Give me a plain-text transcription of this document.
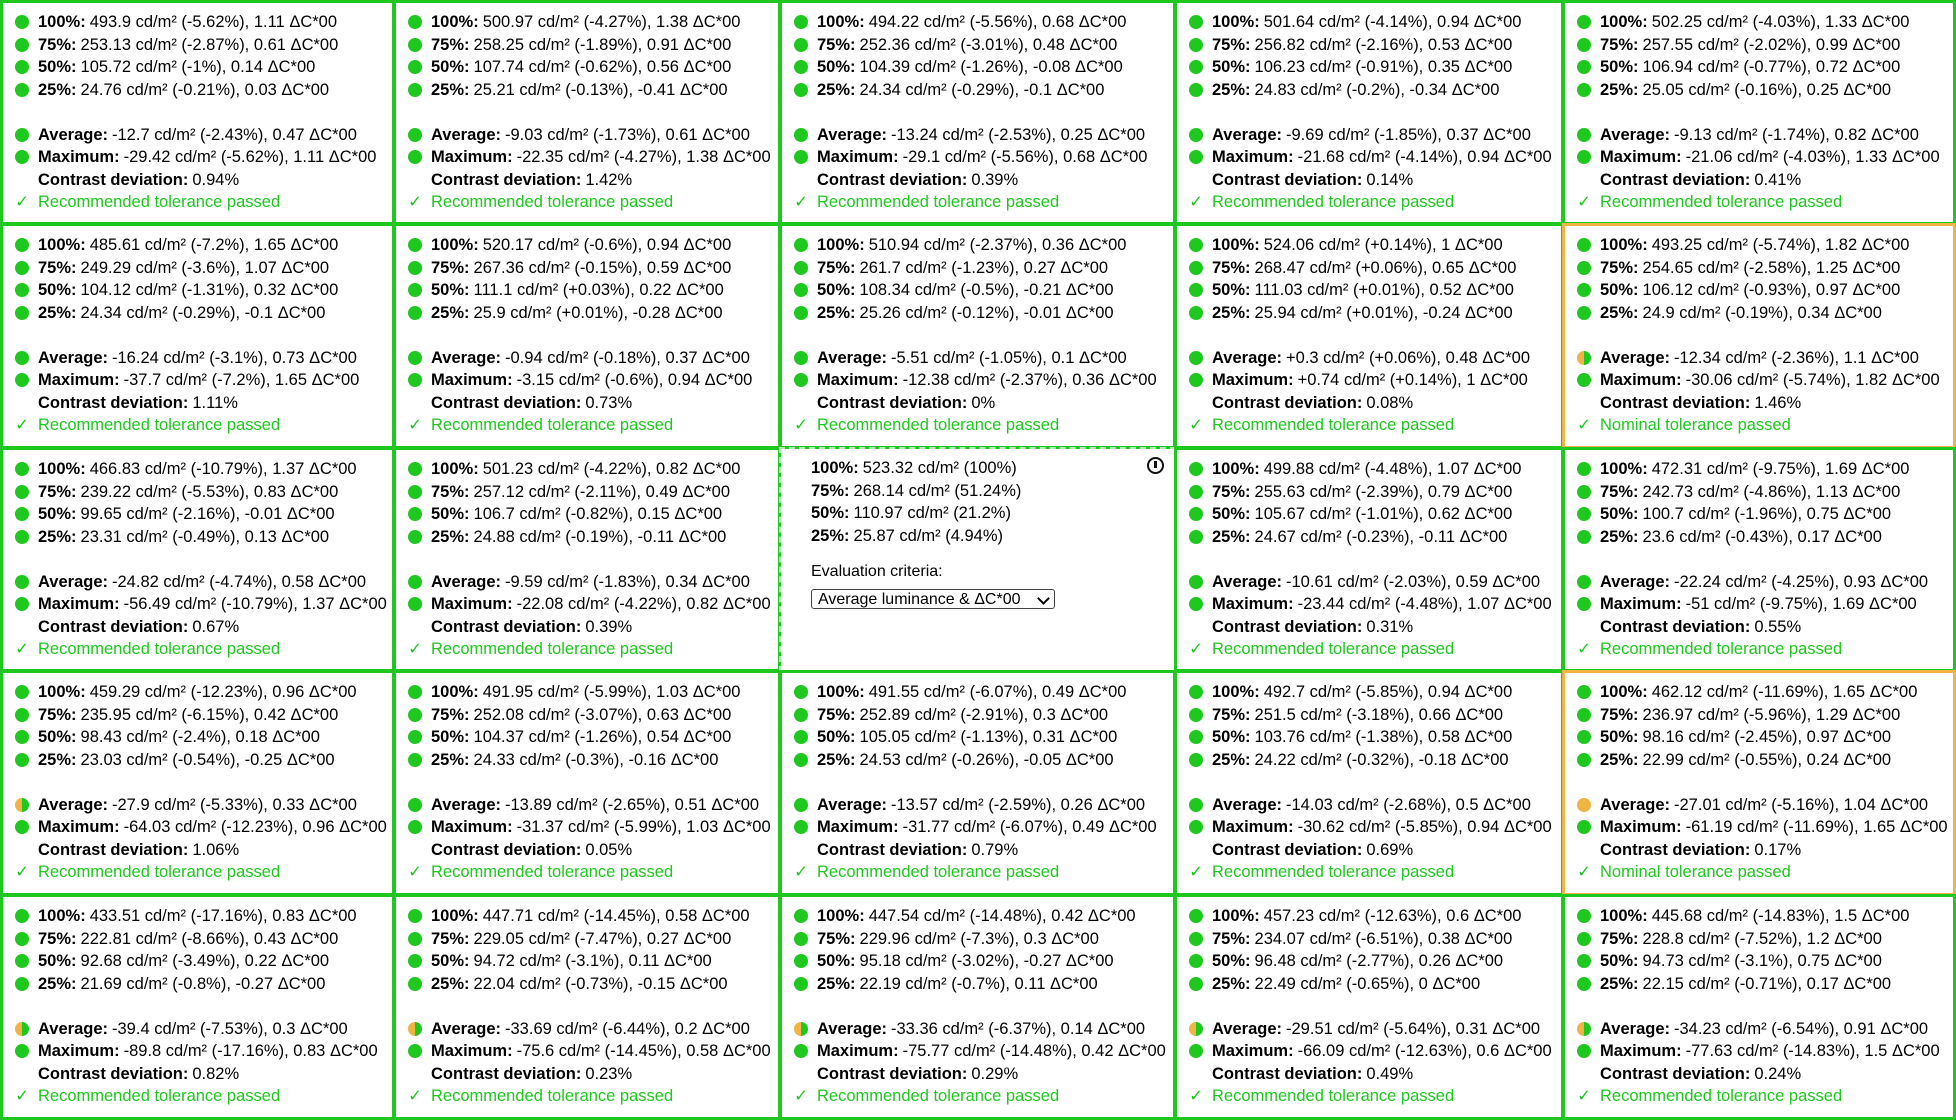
100%: 493.9 cd/m² (-5.62%), 1.11 ΔC*00
75%: 253.13 cd/m² (-2.87%), 0.61 ΔC*00
50%: 105.72 cd/m² (-1%), 0.14 ΔC*00
25%: 24.76 cd/m² (-0.21%), 0.03 ΔC*00
Average: -12.7 cd/m² (-2.43%), 0.47 ΔC*00
Maximum: -29.42 cd/m² (-5.62%), 1.11 ΔC*00
Contrast deviation: 0.94%
✓ Recommended tolerance passed
100%: 500.97 cd/m² (-4.27%), 1.38 ΔC*00
75%: 258.25 cd/m² (-1.89%), 0.91 ΔC*00
50%: 107.74 cd/m² (-0.62%), 0.56 ΔC*00
25%: 25.21 cd/m² (-0.13%), -0.41 ΔC*00
Average: -9.03 cd/m² (-1.73%), 0.61 ΔC*00
Maximum: -22.35 cd/m² (-4.27%), 1.38 ΔC*00
Contrast deviation: 1.42%
✓ Recommended tolerance passed
100%: 494.22 cd/m² (-5.56%), 0.68 ΔC*00
75%: 252.36 cd/m² (-3.01%), 0.48 ΔC*00
50%: 104.39 cd/m² (-1.26%), -0.08 ΔC*00
25%: 24.34 cd/m² (-0.29%), -0.1 ΔC*00
Average: -13.24 cd/m² (-2.53%), 0.25 ΔC*00
Maximum: -29.1 cd/m² (-5.56%), 0.68 ΔC*00
Contrast deviation: 0.39%
✓ Recommended tolerance passed
100%: 501.64 cd/m² (-4.14%), 0.94 ΔC*00
75%: 256.82 cd/m² (-2.16%), 0.53 ΔC*00
50%: 106.23 cd/m² (-0.91%), 0.35 ΔC*00
25%: 24.83 cd/m² (-0.2%), -0.34 ΔC*00
Average: -9.69 cd/m² (-1.85%), 0.37 ΔC*00
Maximum: -21.68 cd/m² (-4.14%), 0.94 ΔC*00
Contrast deviation: 0.14%
✓ Recommended tolerance passed
100%: 502.25 cd/m² (-4.03%), 1.33 ΔC*00
75%: 257.55 cd/m² (-2.02%), 0.99 ΔC*00
50%: 106.94 cd/m² (-0.77%), 0.72 ΔC*00
25%: 25.05 cd/m² (-0.16%), 0.25 ΔC*00
Average: -9.13 cd/m² (-1.74%), 0.82 ΔC*00
Maximum: -21.06 cd/m² (-4.03%), 1.33 ΔC*00
Contrast deviation: 0.41%
✓ Recommended tolerance passed
100%: 485.61 cd/m² (-7.2%), 1.65 ΔC*00
75%: 249.29 cd/m² (-3.6%), 1.07 ΔC*00
50%: 104.12 cd/m² (-1.31%), 0.32 ΔC*00
25%: 24.34 cd/m² (-0.29%), -0.1 ΔC*00
Average: -16.24 cd/m² (-3.1%), 0.73 ΔC*00
Maximum: -37.7 cd/m² (-7.2%), 1.65 ΔC*00
Contrast deviation: 1.11%
✓ Recommended tolerance passed
100%: 520.17 cd/m² (-0.6%), 0.94 ΔC*00
75%: 267.36 cd/m² (-0.15%), 0.59 ΔC*00
50%: 111.1 cd/m² (+0.03%), 0.22 ΔC*00
25%: 25.9 cd/m² (+0.01%), -0.28 ΔC*00
Average: -0.94 cd/m² (-0.18%), 0.37 ΔC*00
Maximum: -3.15 cd/m² (-0.6%), 0.94 ΔC*00
Contrast deviation: 0.73%
✓ Recommended tolerance passed
100%: 510.94 cd/m² (-2.37%), 0.36 ΔC*00
75%: 261.7 cd/m² (-1.23%), 0.27 ΔC*00
50%: 108.34 cd/m² (-0.5%), -0.21 ΔC*00
25%: 25.26 cd/m² (-0.12%), -0.01 ΔC*00
Average: -5.51 cd/m² (-1.05%), 0.1 ΔC*00
Maximum: -12.38 cd/m² (-2.37%), 0.36 ΔC*00
Contrast deviation: 0%
✓ Recommended tolerance passed
100%: 524.06 cd/m² (+0.14%), 1 ΔC*00
75%: 268.47 cd/m² (+0.06%), 0.65 ΔC*00
50%: 111.03 cd/m² (+0.01%), 0.52 ΔC*00
25%: 25.94 cd/m² (+0.01%), -0.24 ΔC*00
Average: +0.3 cd/m² (+0.06%), 0.48 ΔC*00
Maximum: +0.74 cd/m² (+0.14%), 1 ΔC*00
Contrast deviation: 0.08%
✓ Recommended tolerance passed
100%: 493.25 cd/m² (-5.74%), 1.82 ΔC*00
75%: 254.65 cd/m² (-2.58%), 1.25 ΔC*00
50%: 106.12 cd/m² (-0.93%), 0.97 ΔC*00
25%: 24.9 cd/m² (-0.19%), 0.34 ΔC*00
Average: -12.34 cd/m² (-2.36%), 1.1 ΔC*00
Maximum: -30.06 cd/m² (-5.74%), 1.82 ΔC*00
Contrast deviation: 1.46%
✓ Nominal tolerance passed
100%: 466.83 cd/m² (-10.79%), 1.37 ΔC*00
75%: 239.22 cd/m² (-5.53%), 0.83 ΔC*00
50%: 99.65 cd/m² (-2.16%), -0.01 ΔC*00
25%: 23.31 cd/m² (-0.49%), 0.13 ΔC*00
Average: -24.82 cd/m² (-4.74%), 0.58 ΔC*00
Maximum: -56.49 cd/m² (-10.79%), 1.37 ΔC*00
Contrast deviation: 0.67%
✓ Recommended tolerance passed
100%: 501.23 cd/m² (-4.22%), 0.82 ΔC*00
75%: 257.12 cd/m² (-2.11%), 0.49 ΔC*00
50%: 106.7 cd/m² (-0.82%), 0.15 ΔC*00
25%: 24.88 cd/m² (-0.19%), -0.11 ΔC*00
Average: -9.59 cd/m² (-1.83%), 0.34 ΔC*00
Maximum: -22.08 cd/m² (-4.22%), 0.82 ΔC*00
Contrast deviation: 0.39%
✓ Recommended tolerance passed
100%: 523.32 cd/m² (100%)
75%: 268.14 cd/m² (51.24%)
50%: 110.97 cd/m² (21.2%)
25%: 25.87 cd/m² (4.94%)
Evaluation criteria:
Average luminance & ΔC*00
100%: 499.88 cd/m² (-4.48%), 1.07 ΔC*00
75%: 255.63 cd/m² (-2.39%), 0.79 ΔC*00
50%: 105.67 cd/m² (-1.01%), 0.62 ΔC*00
25%: 24.67 cd/m² (-0.23%), -0.11 ΔC*00
Average: -10.61 cd/m² (-2.03%), 0.59 ΔC*00
Maximum: -23.44 cd/m² (-4.48%), 1.07 ΔC*00
Contrast deviation: 0.31%
✓ Recommended tolerance passed
100%: 472.31 cd/m² (-9.75%), 1.69 ΔC*00
75%: 242.73 cd/m² (-4.86%), 1.13 ΔC*00
50%: 100.7 cd/m² (-1.96%), 0.75 ΔC*00
25%: 23.6 cd/m² (-0.43%), 0.17 ΔC*00
Average: -22.24 cd/m² (-4.25%), 0.93 ΔC*00
Maximum: -51 cd/m² (-9.75%), 1.69 ΔC*00
Contrast deviation: 0.55%
✓ Recommended tolerance passed
100%: 459.29 cd/m² (-12.23%), 0.96 ΔC*00
75%: 235.95 cd/m² (-6.15%), 0.42 ΔC*00
50%: 98.43 cd/m² (-2.4%), 0.18 ΔC*00
25%: 23.03 cd/m² (-0.54%), -0.25 ΔC*00
Average: -27.9 cd/m² (-5.33%), 0.33 ΔC*00
Maximum: -64.03 cd/m² (-12.23%), 0.96 ΔC*00
Contrast deviation: 1.06%
✓ Recommended tolerance passed
100%: 491.95 cd/m² (-5.99%), 1.03 ΔC*00
75%: 252.08 cd/m² (-3.07%), 0.63 ΔC*00
50%: 104.37 cd/m² (-1.26%), 0.54 ΔC*00
25%: 24.33 cd/m² (-0.3%), -0.16 ΔC*00
Average: -13.89 cd/m² (-2.65%), 0.51 ΔC*00
Maximum: -31.37 cd/m² (-5.99%), 1.03 ΔC*00
Contrast deviation: 0.05%
✓ Recommended tolerance passed
100%: 491.55 cd/m² (-6.07%), 0.49 ΔC*00
75%: 252.89 cd/m² (-2.91%), 0.3 ΔC*00
50%: 105.05 cd/m² (-1.13%), 0.31 ΔC*00
25%: 24.53 cd/m² (-0.26%), -0.05 ΔC*00
Average: -13.57 cd/m² (-2.59%), 0.26 ΔC*00
Maximum: -31.77 cd/m² (-6.07%), 0.49 ΔC*00
Contrast deviation: 0.79%
✓ Recommended tolerance passed
100%: 492.7 cd/m² (-5.85%), 0.94 ΔC*00
75%: 251.5 cd/m² (-3.18%), 0.66 ΔC*00
50%: 103.76 cd/m² (-1.38%), 0.58 ΔC*00
25%: 24.22 cd/m² (-0.32%), -0.18 ΔC*00
Average: -14.03 cd/m² (-2.68%), 0.5 ΔC*00
Maximum: -30.62 cd/m² (-5.85%), 0.94 ΔC*00
Contrast deviation: 0.69%
✓ Recommended tolerance passed
100%: 462.12 cd/m² (-11.69%), 1.65 ΔC*00
75%: 236.97 cd/m² (-5.96%), 1.29 ΔC*00
50%: 98.16 cd/m² (-2.45%), 0.97 ΔC*00
25%: 22.99 cd/m² (-0.55%), 0.24 ΔC*00
Average: -27.01 cd/m² (-5.16%), 1.04 ΔC*00
Maximum: -61.19 cd/m² (-11.69%), 1.65 ΔC*00
Contrast deviation: 0.17%
✓ Nominal tolerance passed
100%: 433.51 cd/m² (-17.16%), 0.83 ΔC*00
75%: 222.81 cd/m² (-8.66%), 0.43 ΔC*00
50%: 92.68 cd/m² (-3.49%), 0.22 ΔC*00
25%: 21.69 cd/m² (-0.8%), -0.27 ΔC*00
Average: -39.4 cd/m² (-7.53%), 0.3 ΔC*00
Maximum: -89.8 cd/m² (-17.16%), 0.83 ΔC*00
Contrast deviation: 0.82%
✓ Recommended tolerance passed
100%: 447.71 cd/m² (-14.45%), 0.58 ΔC*00
75%: 229.05 cd/m² (-7.47%), 0.27 ΔC*00
50%: 94.72 cd/m² (-3.1%), 0.11 ΔC*00
25%: 22.04 cd/m² (-0.73%), -0.15 ΔC*00
Average: -33.69 cd/m² (-6.44%), 0.2 ΔC*00
Maximum: -75.6 cd/m² (-14.45%), 0.58 ΔC*00
Contrast deviation: 0.23%
✓ Recommended tolerance passed
100%: 447.54 cd/m² (-14.48%), 0.42 ΔC*00
75%: 229.96 cd/m² (-7.3%), 0.3 ΔC*00
50%: 95.18 cd/m² (-3.02%), -0.27 ΔC*00
25%: 22.19 cd/m² (-0.7%), 0.11 ΔC*00
Average: -33.36 cd/m² (-6.37%), 0.14 ΔC*00
Maximum: -75.77 cd/m² (-14.48%), 0.42 ΔC*00
Contrast deviation: 0.29%
✓ Recommended tolerance passed
100%: 457.23 cd/m² (-12.63%), 0.6 ΔC*00
75%: 234.07 cd/m² (-6.51%), 0.38 ΔC*00
50%: 96.48 cd/m² (-2.77%), 0.26 ΔC*00
25%: 22.49 cd/m² (-0.65%), 0 ΔC*00
Average: -29.51 cd/m² (-5.64%), 0.31 ΔC*00
Maximum: -66.09 cd/m² (-12.63%), 0.6 ΔC*00
Contrast deviation: 0.49%
✓ Recommended tolerance passed
100%: 445.68 cd/m² (-14.83%), 1.5 ΔC*00
75%: 228.8 cd/m² (-7.52%), 1.2 ΔC*00
50%: 94.73 cd/m² (-3.1%), 0.75 ΔC*00
25%: 22.15 cd/m² (-0.71%), 0.17 ΔC*00
Average: -34.23 cd/m² (-6.54%), 0.91 ΔC*00
Maximum: -77.63 cd/m² (-14.83%), 1.5 ΔC*00
Contrast deviation: 0.24%
✓ Recommended tolerance passed
